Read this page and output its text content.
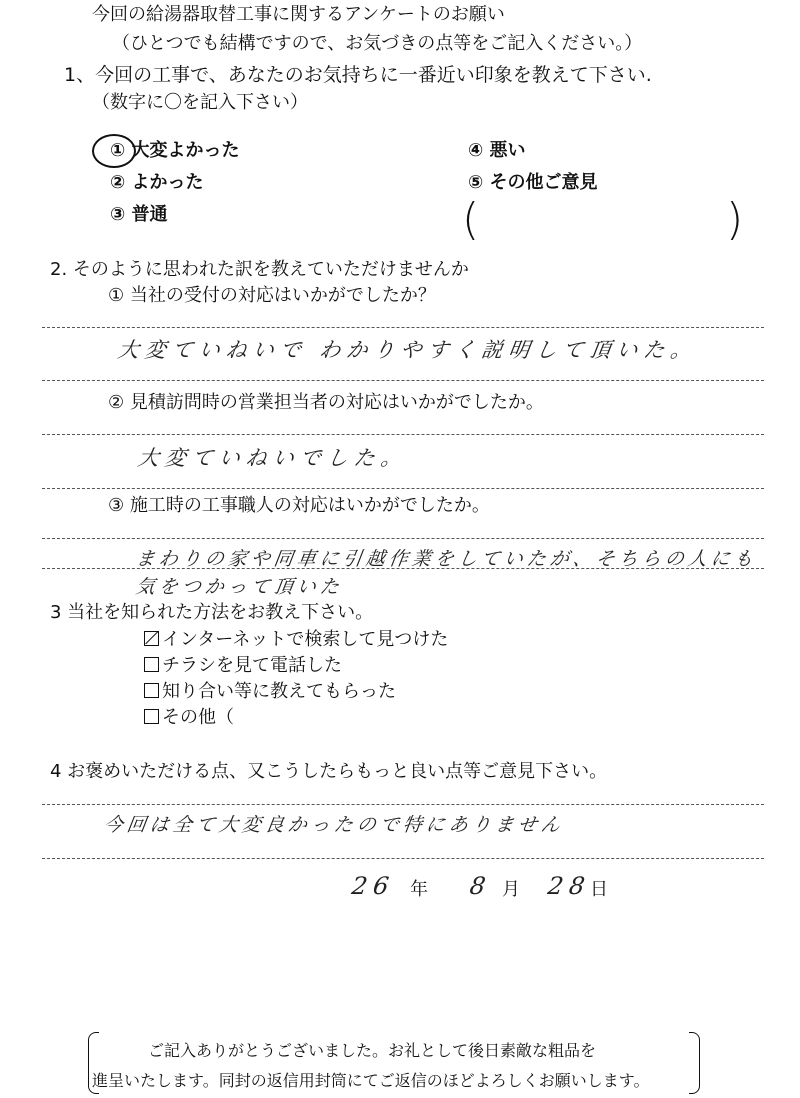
今回の給湯器取替工事に関するアンケートのお願い
（ひとつでも結構ですので、お気づきの点等をご記入ください。）
1、今回の工事で、あなたのお気持ちに一番近い印象を教えて下さい.
（数字に〇を記入下さい）
① 大変よかった
② よかった
③ 普通
④ 悪い
⑤ その他ご意見
(	)
2. そのように思われた訳を教えていただけませんか
① 当社の受付の対応はいかがでしたか？
大変ていねいで わかりやすく説明して頂いた。
② 見積訪問時の営業担当者の対応はいかがでしたか。
大変ていねいでした。
③ 施工時の工事職人の対応はいかがでしたか。
まわりの家や同車に引越作業をしていたが、そちらの人にも
気をつかって頂いた
3 当社を知られた方法をお教え下さい。
インターネットで検索して見つけた
チラシを見て電話した
知り合い等に教えてもらった
その他（
4 お褒めいただける点、又こうしたらもっと良い点等ご意見下さい。
今回は全て大変良かったので特にありません
26 年 8 月 28
日
ご記入ありがとうございました。お礼として後日素敵な粗品を
進呈いたします。同封の返信用封筒にてご返信のほどよろしくお願いします。
